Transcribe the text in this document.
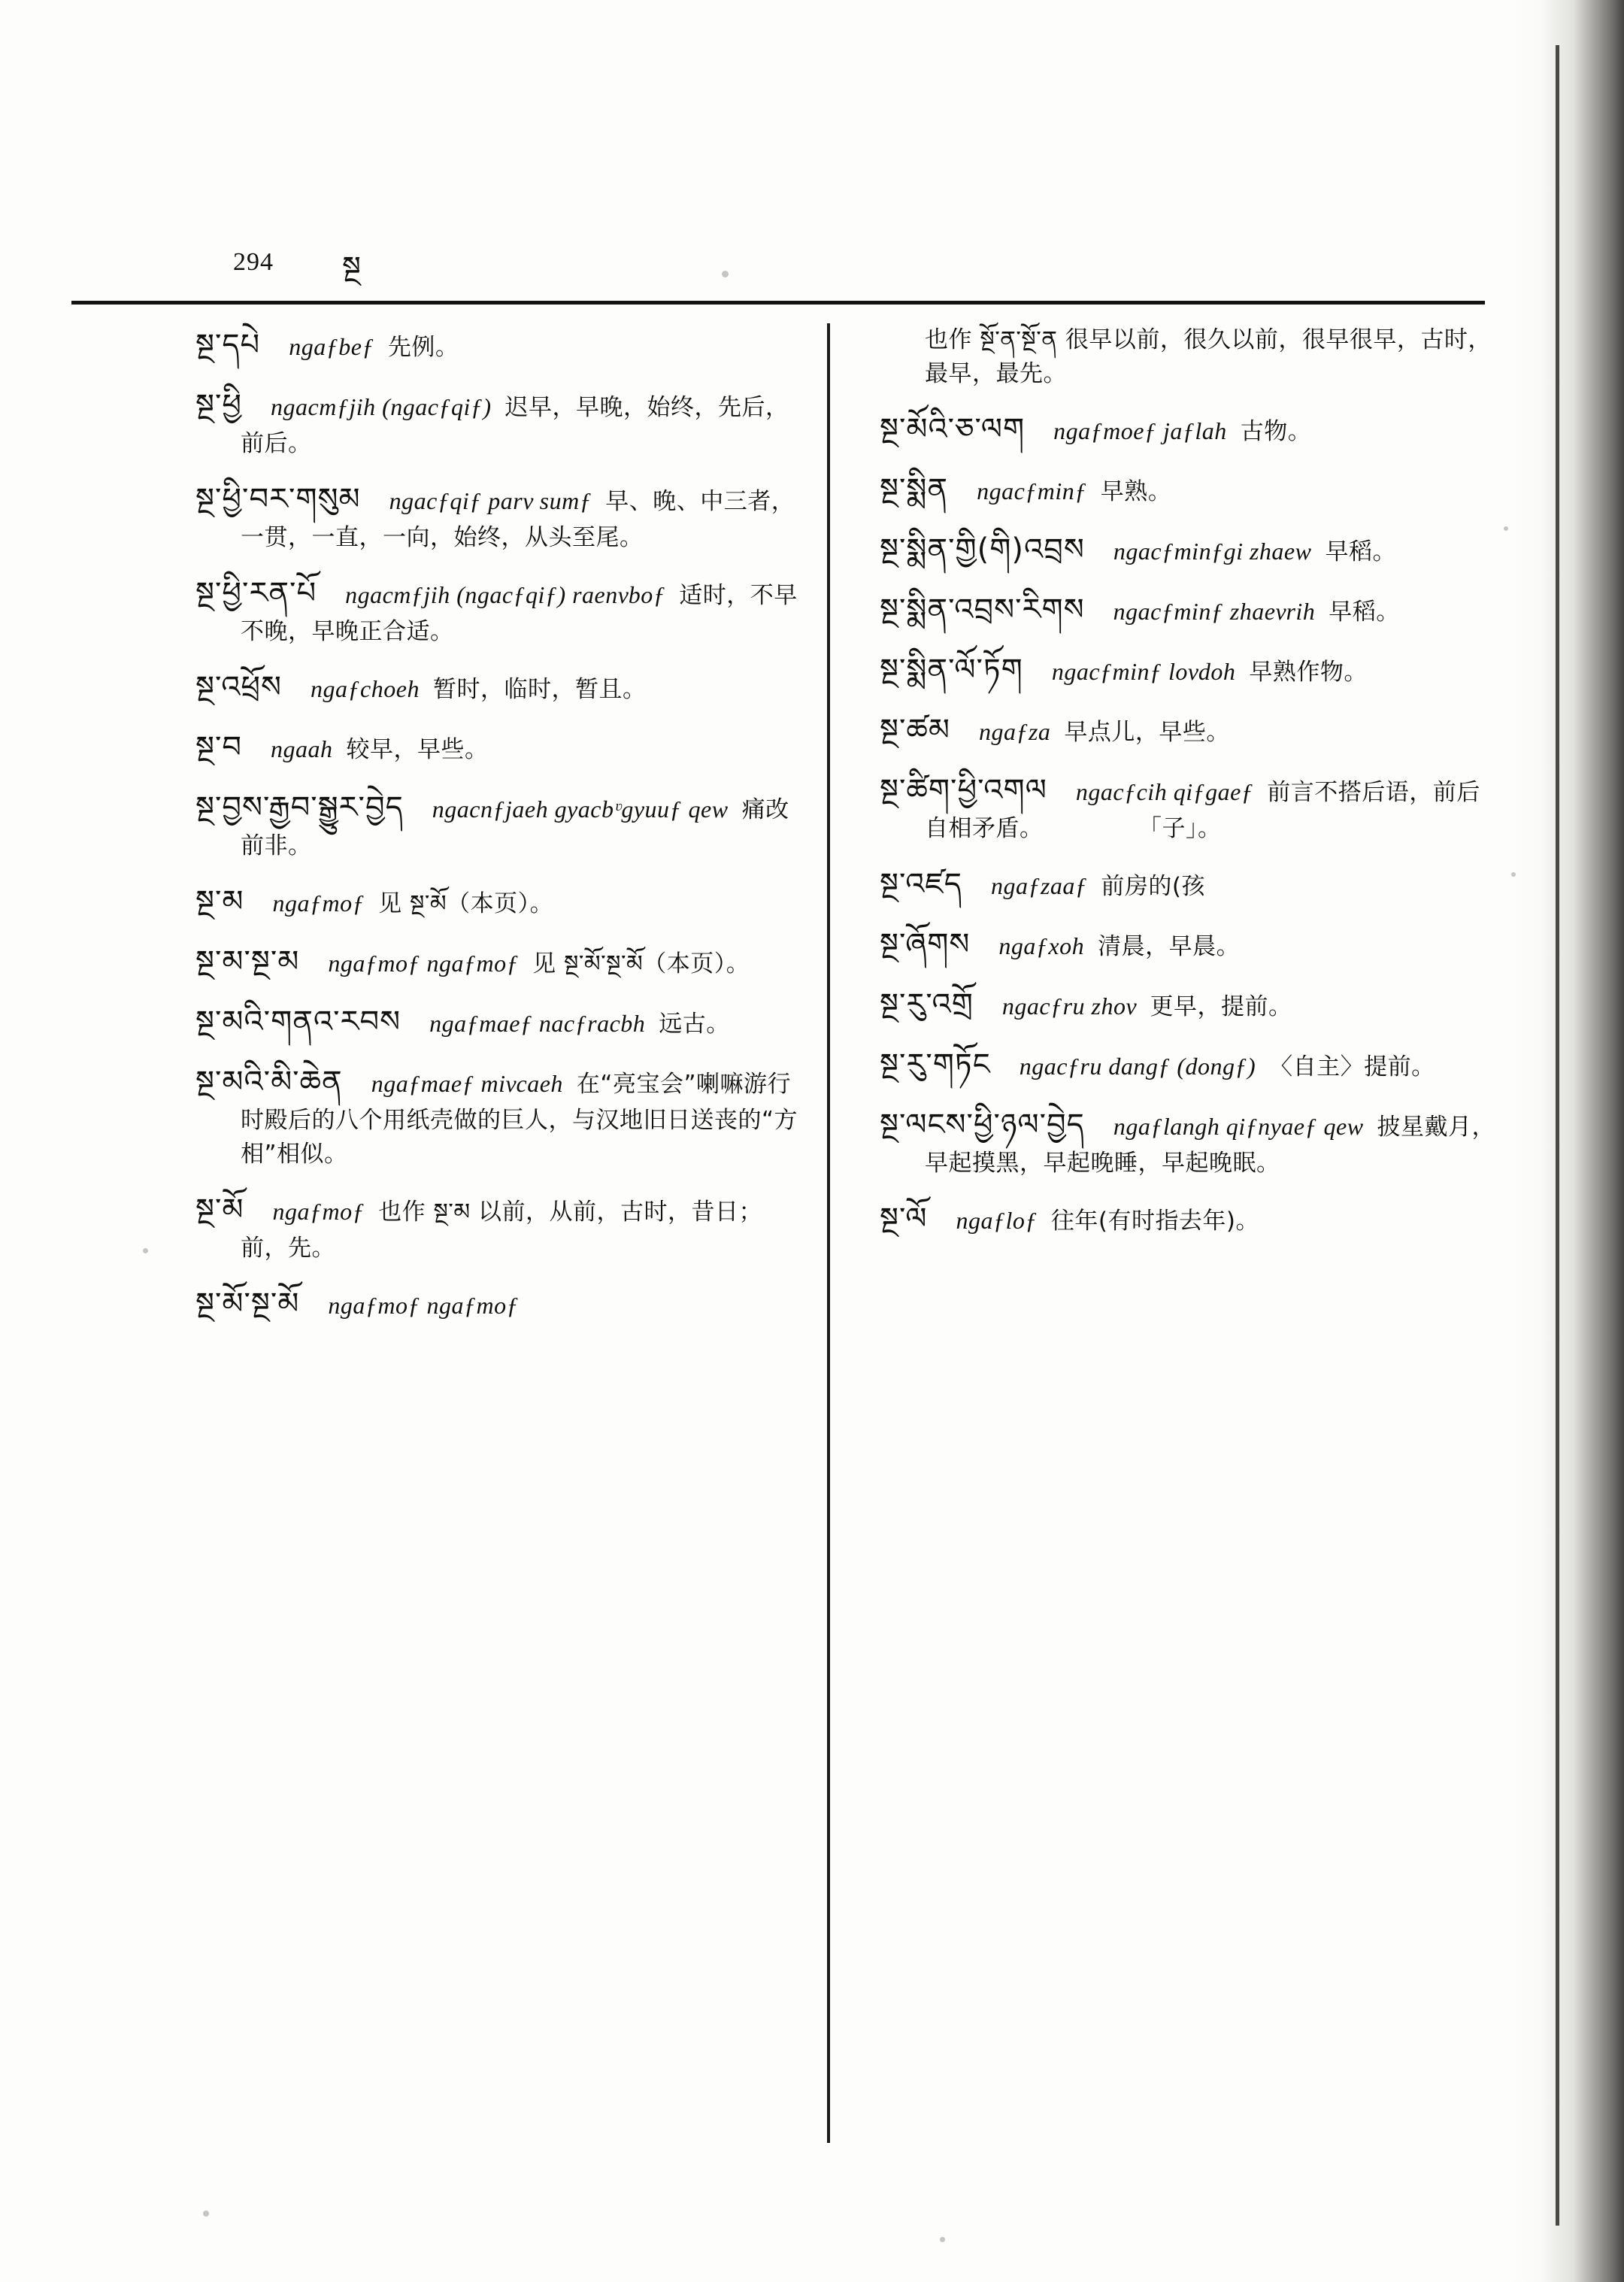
294 སྔ

སྔ་དཔེ ngaƒbeƒ 先例。

སྔ་ཕྱི ngacmƒjih (ngacƒqiƒ) 迟早，早晚，始终，先后，前后。

སྔ་ཕྱི་བར་གསུམ ngacƒqiƒ parᴠ sumƒ 早、晚、中三者，一贯，一直，一向，始终，从头至尾。

སྔ་ཕྱི་རན་པོ ngacmƒjih (ngacƒqiƒ) raenᴠboƒ 适时，不早不晚，早晚正合适。

སྔ་འཕྲོས ngaƒchoeh 暂时，临时，暂且。

སྔ་བ ngaah 较早，早些。

སྔ་བྱས་རྒྱབ་སྒྱུར་བྱེད ngacnƒjaeh gyacbᶹgyuuƒ qew 痛改前非。

སྔ་མ ngaƒmoƒ 见 སྔ་མོ（本页）。

སྔ་མ་སྔ་མ ngaƒmoƒ ngaƒmoƒ 见 སྔ་མོ་སྔ་མོ（本页）。

སྔ་མའི་གནའ་རབས ngaƒmaeƒ nacƒracbh 远古。

སྔ་མའི་མི་ཆེན ngaƒmaeƒ miᴠcaeh 在“亮宝会”喇嘛游行时殿后的八个用纸壳做的巨人，与汉地旧日送丧的“方相”相似。

སྔ་མོ ngaƒmoƒ 也作 སྔ་མ 以前，从前，古时，昔日；前，先。

སྔ་མོ་སྔ་མོ ngaƒmoƒ ngaƒmoƒ

也作 སྔོ་ན་སྔོ་ན 很早以前，很久以前，很早很早，古时，最早，最先。

སྔ་མོའི་ཅ་ལག ngaƒmoeƒ jaƒlah 古物。

སྔ་སྨིན ngacƒminƒ 早熟。

སྔ་སྨིན་གྱི(གི)འབྲས ngacƒminƒgi zhaew 早稻。

སྔ་སྨིན་འབྲས་རིགས ngacƒminƒ zhaeᴠrih 早稻。

སྔ་སྨིན་ལོ་ཏོག ngacƒminƒ loᴠdoh 早熟作物。

སྔ་ཚམ ngaƒza 早点儿，早些。

སྔ་ཚིག་ཕྱི་འགལ ngacƒcih qiƒgaeƒ 前言不搭后语，前后自相矛盾。　　　　　「子」。

སྔ་འཛད ngaƒzaaƒ 前房的(孩

སྔ་ཞོགས ngaƒxoh 清晨，早晨。

སྔ་རུ་འགྲོ ngacƒru zhoᴠ 更早，提前。

སྔ་རུ་གཏོང ngacƒru dangƒ (dongƒ) 〈自主〉提前。

སྔ་ལངས་ཕྱི་ཉལ་བྱེད ngaƒlangh qiƒnyaeƒ qew 披星戴月，早起摸黑，早起晚睡，早起晚眠。

སྔ་ལོ ngaƒloƒ 往年(有时指去年)。
